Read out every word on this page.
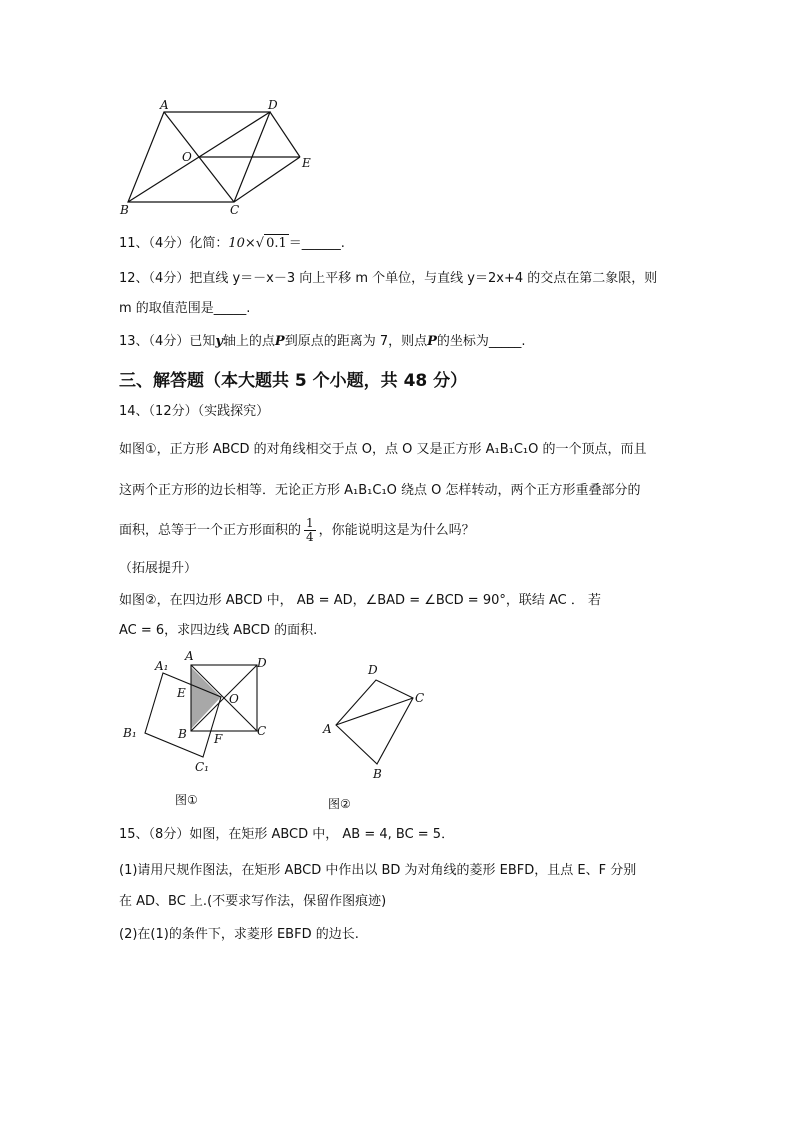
A	D
O	E
B	C
11、（4分）化简：10×√ 0.1 ＝______.
12、（4分）把直线 y＝－x－3 向上平移 m 个单位，与直线 y＝2x+4 的交点在第二象限，则
m 的取值范围是_____.
13、（4分）已知y轴上的点P到原点的距离为 7，则点P的坐标为_____.
三、解答题（本大题共 5 个小题，共 48 分）
14、（12分）（实践探究）
如图①，正方形 ABCD 的对角线相交于点 O，点 O 又是正方形 A₁B₁C₁O 的一个顶点，而且
这两个正方形的边长相等．无论正方形 A₁B₁C₁O 绕点 O 怎样转动，两个正方形重叠部分的
面积，总等于一个正方形面积的 $\frac{1}{4}$ ，你能说明这是为什么吗？
（拓展提升）
如图②，在四边形 ABCD 中， AB = AD，∠BAD = ∠BCD = 90°，联结 AC ． 若
AC = 6，求四边线 ABCD 的面积.
A₁
A	D
E	O
B₁	B	C
F
C₁
图①
D
C
A
B
图②
15、（8分）如图，在矩形 ABCD 中， AB = 4, BC = 5．
(1)请用尺规作图法，在矩形 ABCD 中作出以 BD 为对角线的菱形 EBFD，且点 E、F 分别
在 AD、BC 上.(不要求写作法，保留作图痕迹)
(2)在(1)的条件下，求菱形 EBFD 的边长.
